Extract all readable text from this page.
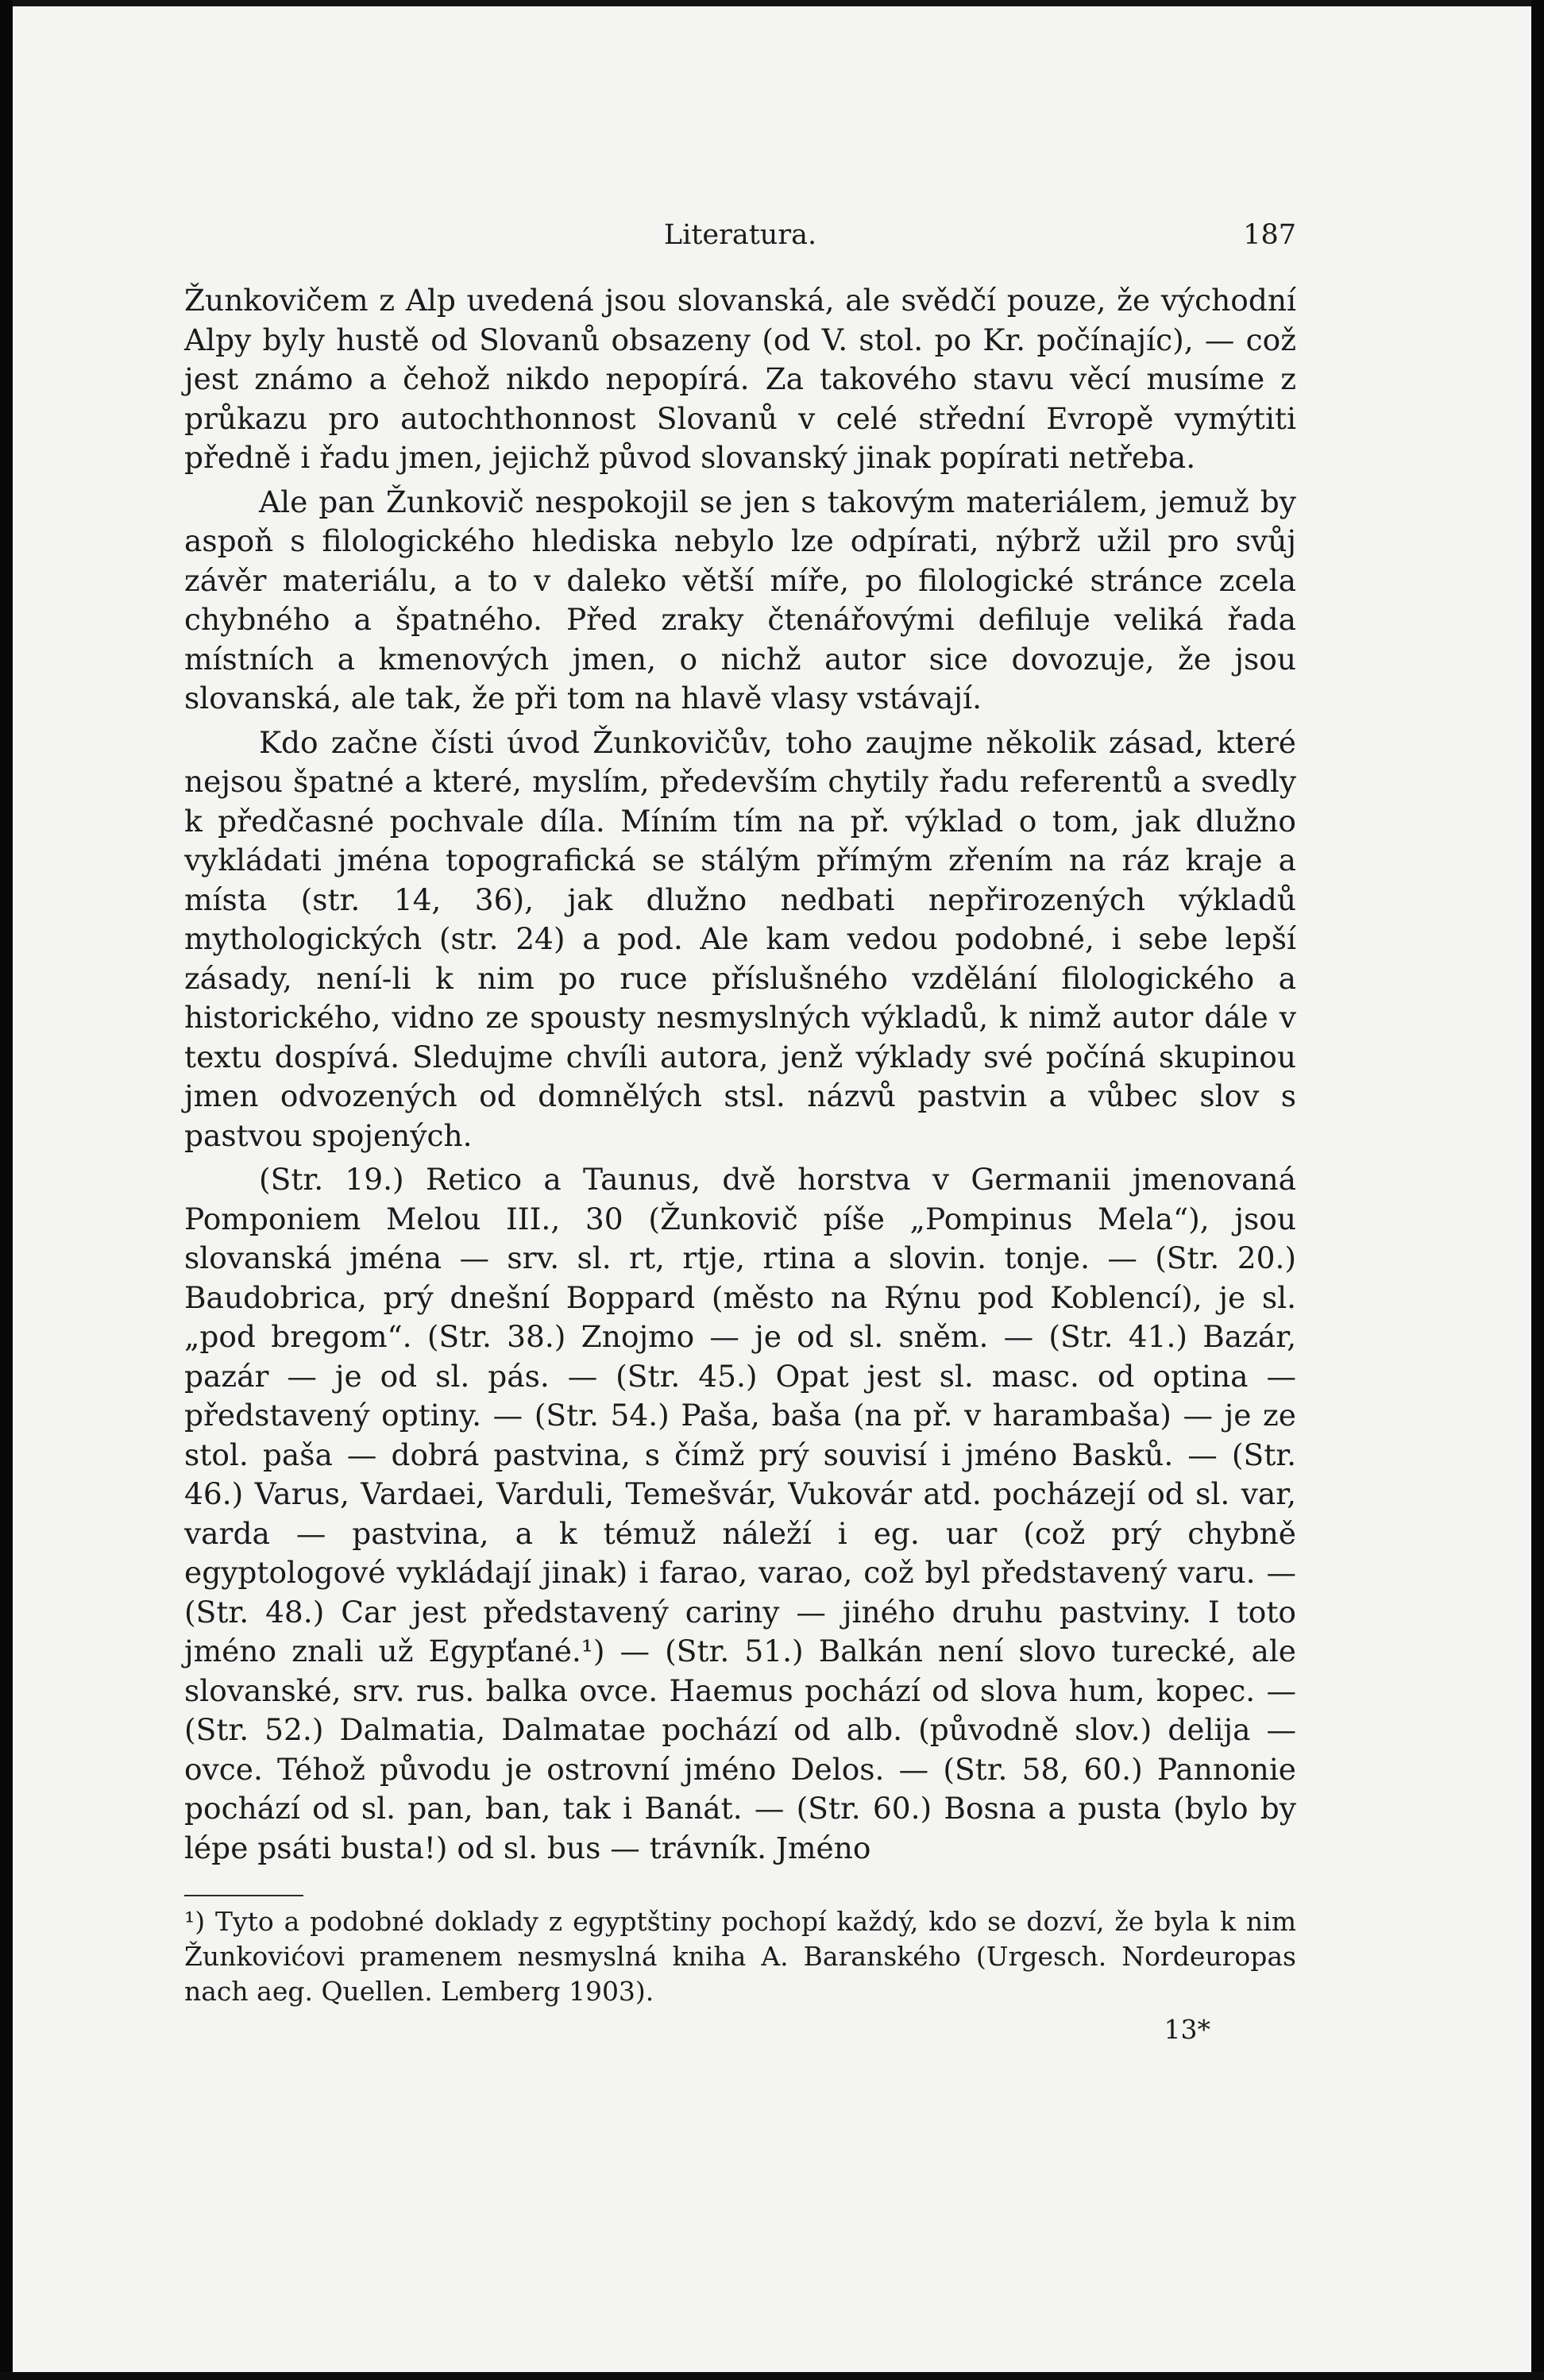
Literatura.	187

Žunkovičem z Alp uvedená jsou slovanská, ale svědčí pouze, že východní Alpy byly hustě od Slovanů obsazeny (od V. stol. po Kr. počínajíc), — což jest známo a čehož nikdo nepopírá. Za takového stavu věcí musíme z průkazu pro autochthonnost Slovanů v celé střední Evropě vymýtiti předně i řadu jmen, jejichž původ slovanský jinak popírati netřeba.

Ale pan Žunkovič nespokojil se jen s takovým materiálem, jemuž by aspoň s filologického hlediska nebylo lze odpírati, nýbrž užil pro svůj závěr materiálu, a to v daleko větší míře, po filologické stránce zcela chybného a špatného. Před zraky čtenářovými defiluje veliká řada místních a kmenových jmen, o nichž autor sice dovozuje, že jsou slovanská, ale tak, že při tom na hlavě vlasy vstávají.

Kdo začne čísti úvod Žunkovičův, toho zaujme několik zásad, které nejsou špatné a které, myslím, především chytily řadu referentů a svedly k předčasné pochvale díla. Míním tím na př. výklad o tom, jak dlužno vykládati jména topografická se stálým přímým zřením na ráz kraje a místa (str. 14, 36), jak dlužno nedbati nepřirozených výkladů mythologických (str. 24) a pod. Ale kam vedou podobné, i sebe lepší zásady, není-li k nim po ruce příslušného vzdělání filologického a historického, vidno ze spousty nesmyslných výkladů, k nimž autor dále v textu dospívá. Sledujme chvíli autora, jenž výklady své počíná skupinou jmen odvozených od domnělých stsl. názvů pastvin a vůbec slov s pastvou spojených.

(Str. 19.) Retico a Taunus, dvě horstva v Germanii jmenovaná Pomponiem Melou III., 30 (Žunkovič píše „Pompinus Mela“), jsou slovanská jména — srv. sl. rt, rtje, rtina a slovin. tonje. — (Str. 20.) Baudobrica, prý dnešní Boppard (město na Rýnu pod Koblencí), je sl. „pod bregom“. (Str. 38.) Znojmo — je od sl. sněm. — (Str. 41.) Bazár, pazár — je od sl. pás. — (Str. 45.) Opat jest sl. masc. od optina — představený optiny. — (Str. 54.) Paša, baša (na př. v harambaša) — je ze stol. paša — dobrá pastvina, s čímž prý souvisí i jméno Basků. — (Str. 46.) Varus, Vardaei, Varduli, Temešvár, Vukovár atd. pocházejí od sl. var, varda — pastvina, a k témuž náleží i eg. uar (což prý chybně egyptologové vykládají jinak) i farao, varao, což byl představený varu. — (Str. 48.) Car jest představený cariny — jiného druhu pastviny. I toto jméno znali už Egypťané.¹) — (Str. 51.) Balkán není slovo turecké, ale slovanské, srv. rus. balka ovce. Haemus pochází od slova hum, kopec. — (Str. 52.) Dalmatia, Dalmatae pochází od alb. (původně slov.) delija — ovce. Téhož původu je ostrovní jméno Delos. — (Str. 58, 60.) Pannonie pochází od sl. pan, ban, tak i Banát. — (Str. 60.) Bosna a pusta (bylo by lépe psáti busta!) od sl. bus — trávník. Jméno

¹) Tyto a podobné doklady z egyptštiny pochopí každý, kdo se dozví, že byla k nim Žunkovićovi pramenem nesmyslná kniha A. Baranského (Urgesch. Nordeuropas nach aeg. Quellen. Lemberg 1903).

13*
